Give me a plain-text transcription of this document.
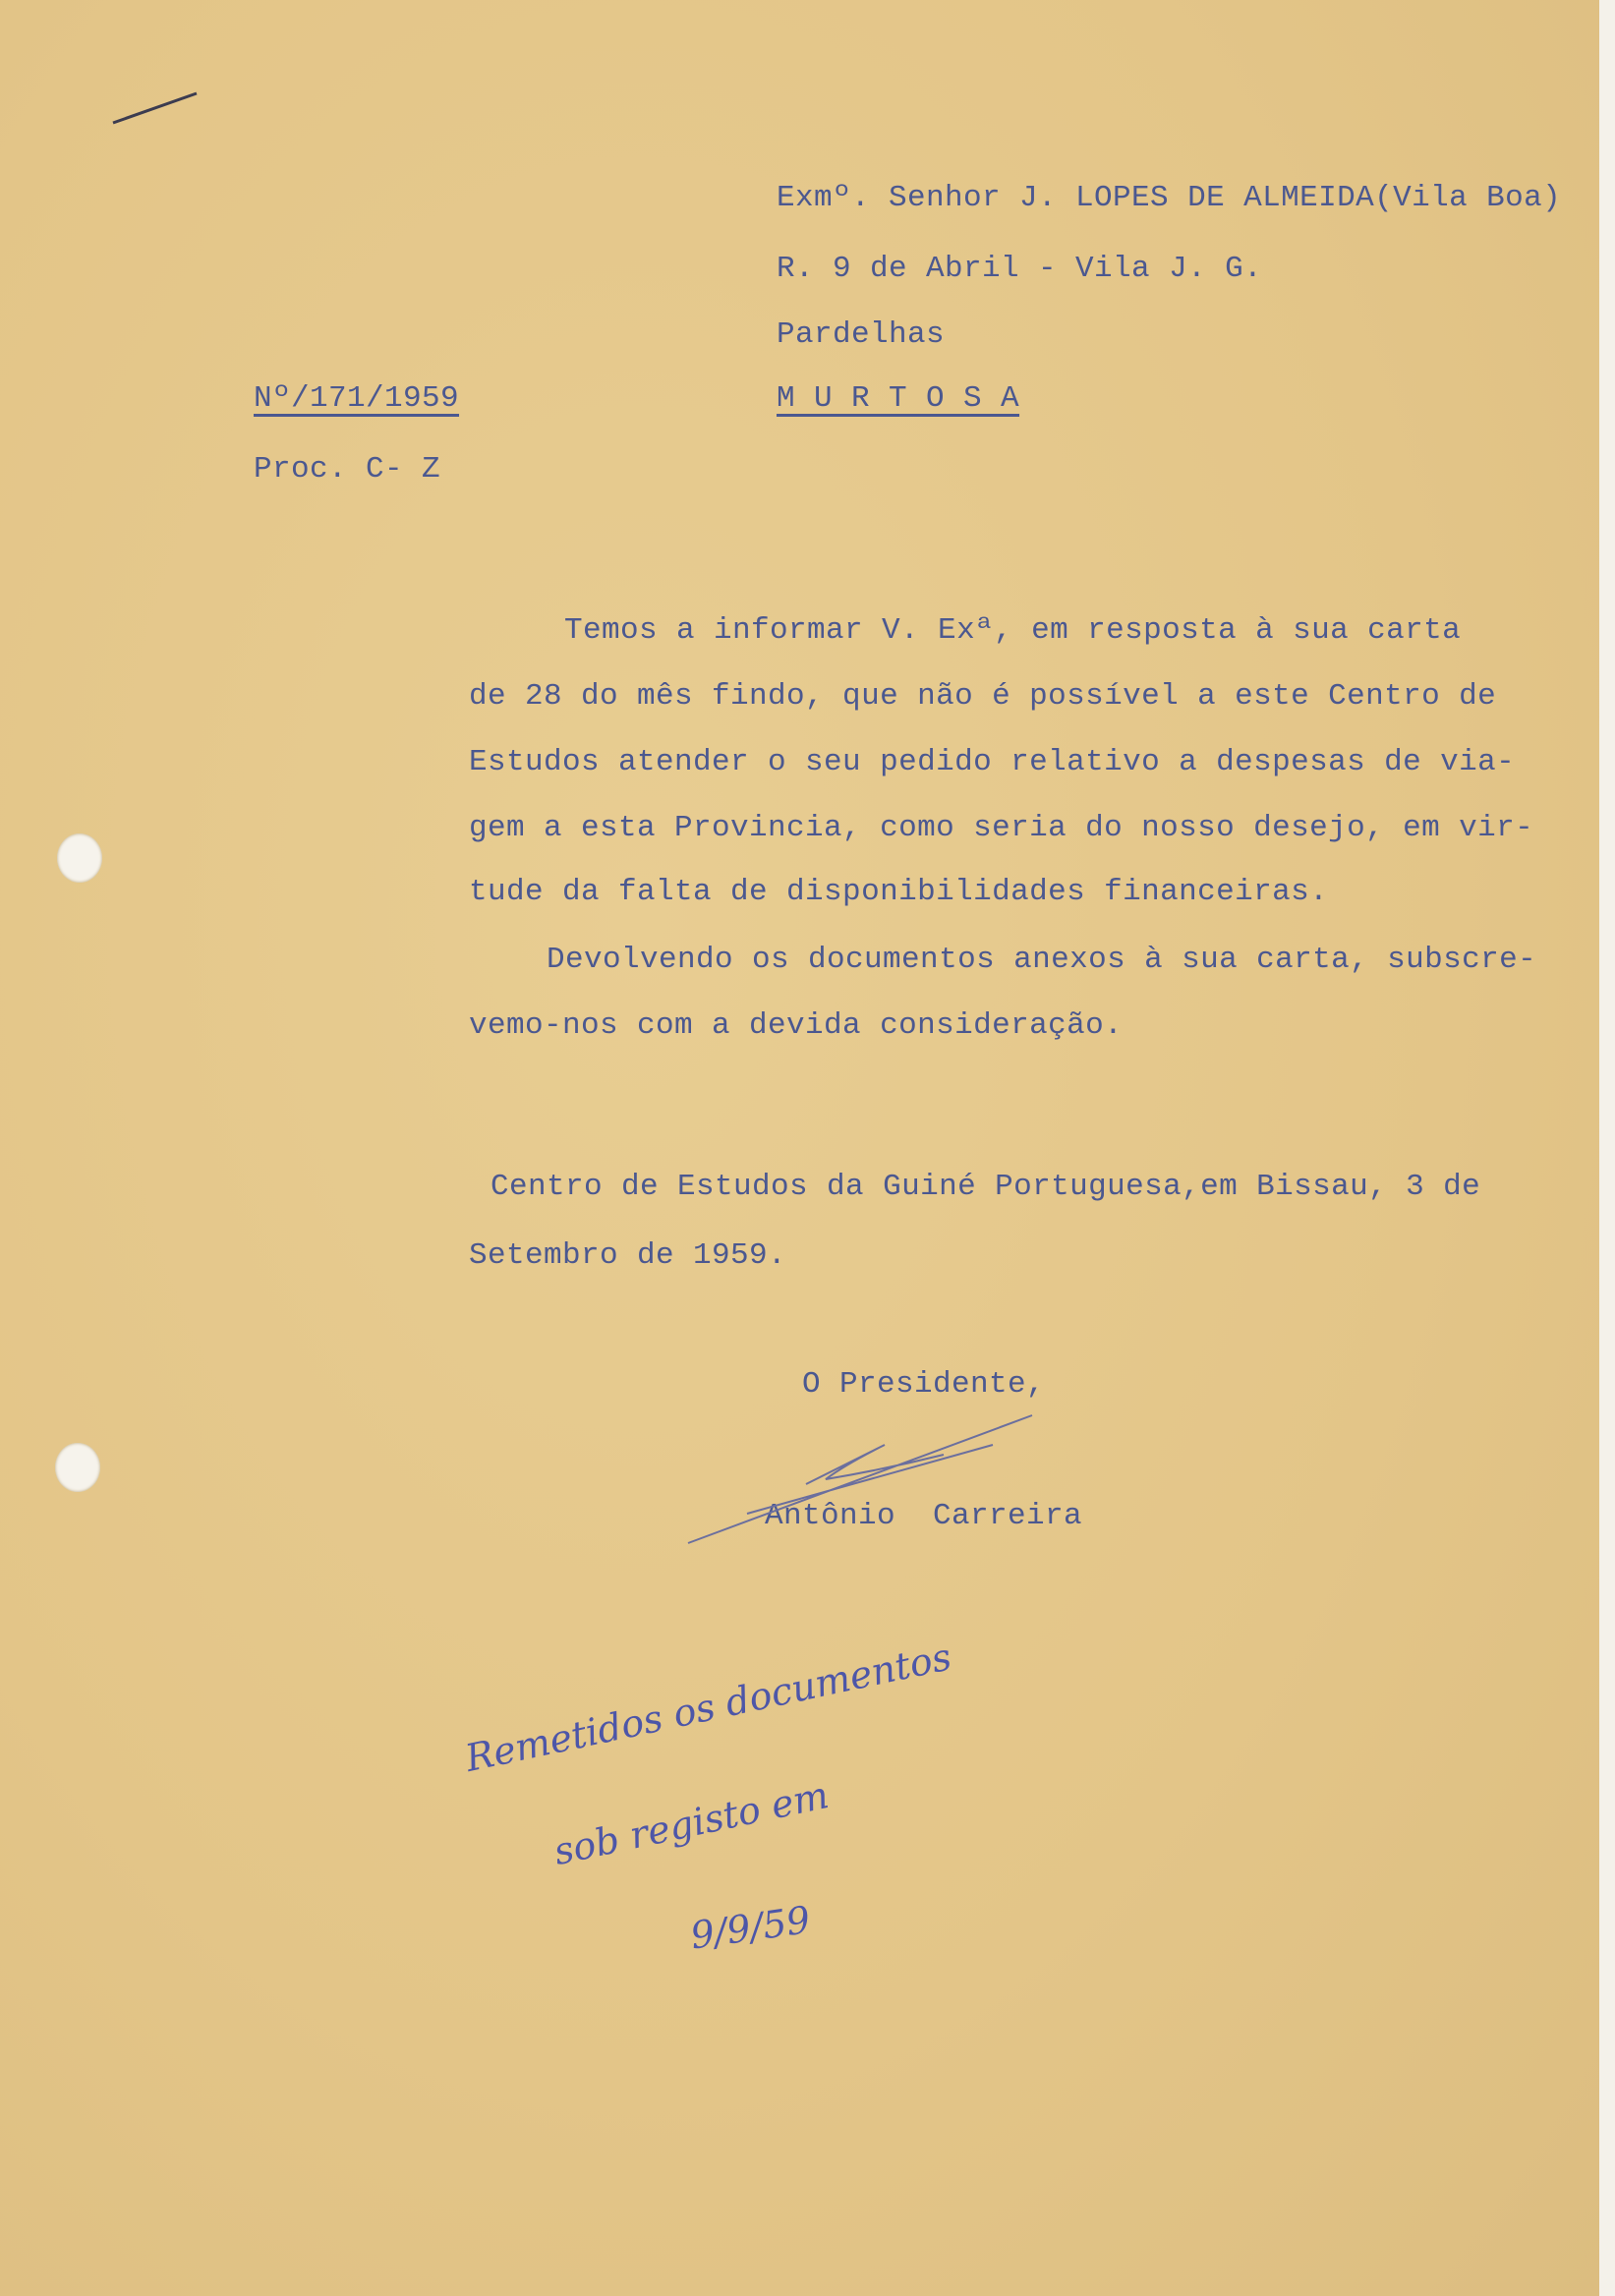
Exmº. Senhor J. LOPES DE ALMEIDA(Vila Boa)
R. 9 de Abril - Vila J. G.
Pardelhas
M U R T O S A
Nº/171/1959
Proc. C- Z
Temos a informar V. Exª, em resposta à sua carta
de 28 do mês findo, que não é possível a este Centro de
Estudos atender o seu pedido relativo a despesas de via-
gem a esta Provincia, como seria do nosso desejo, em vir-
tude da falta de disponibilidades financeiras.
Devolvendo os documentos anexos à sua carta, subscre-
vemo-nos com a devida consideração.
Centro de Estudos da Guiné Portuguesa,em Bissau, 3 de
Setembro de 1959.
O Presidente,
Antônio  Carreira
Remetidos os documentos
sob registo em
9/9/59
